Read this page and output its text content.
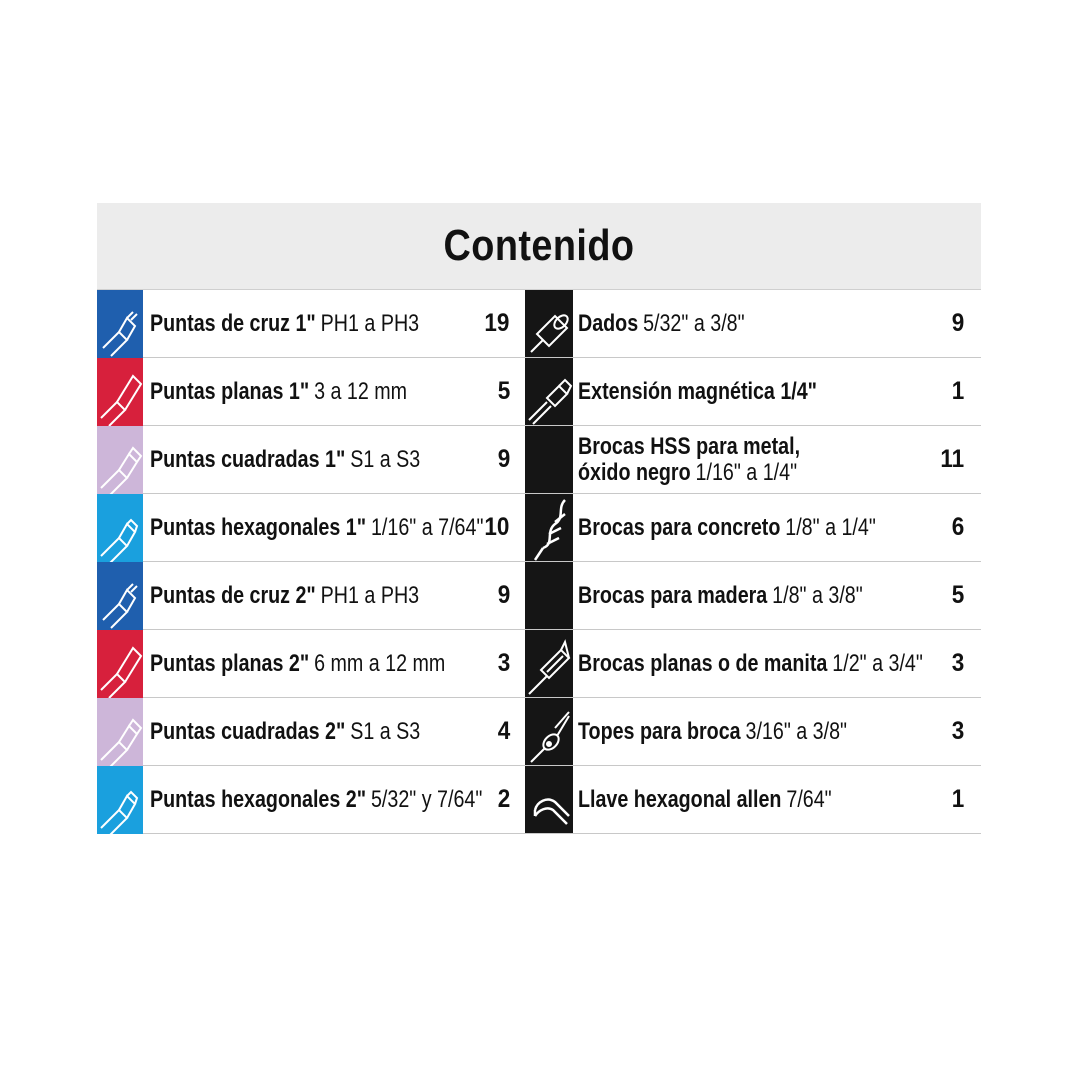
Contenido
Puntas de cruz 1" PH1 a PH3	19
Puntas planas 1" 3 a 12 mm	5
Puntas cuadradas 1" S1 a S3	9
Puntas hexagonales 1" 1/16" a 7/64" 10
Puntas de cruz 2" PH1 a PH3	9
Puntas planas 2" 6 mm a 12 mm 3
Puntas cuadradas 2" S1 a S3	4
Puntas hexagonales 2" 5/32" y 7/64" 2
Dados 5/32" a 3/8"	9
Extensión magnética 1/4"	1
Brocas HSS para metal,
óxido negro 1/16" a 1/4"	11
Brocas para concreto 1/8" a 1/4"	6
Brocas para madera 1/8" a 3/8"	5
Brocas planas o de manita 1/2" a 3/4" 3
Topes para broca 3/16" a 3/8"	3
Llave hexagonal allen 7/64"	1
